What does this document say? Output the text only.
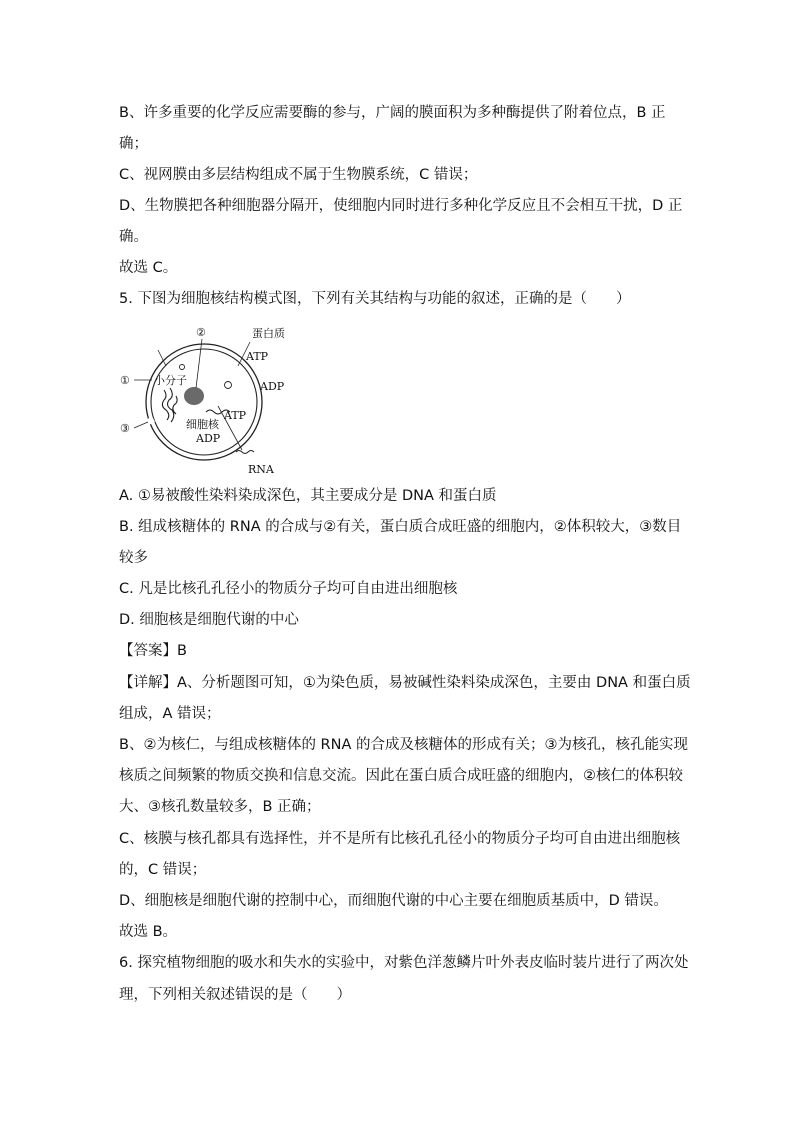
B、许多重要的化学反应需要酶的参与，广阔的膜面积为多种酶提供了附着位点，B 正
确；
C、视网膜由多层结构组成不属于生物膜系统，C 错误；
D、生物膜把各种细胞器分隔开，使细胞内同时进行多种化学反应且不会相互干扰，D 正
确。
故选 C。
5. 下图为细胞核结构模式图，下列有关其结构与功能的叙述，正确的是（　　）
②	蛋白质
ATP
ADP
① 小分子
③
ATP
细胞核
ADP
RNA
A. ①易被酸性染料染成深色，其主要成分是 DNA 和蛋白质
B. 组成核糖体的 RNA 的合成与②有关，蛋白质合成旺盛的细胞内，②体积较大，③数目
较多
C. 凡是比核孔孔径小的物质分子均可自由进出细胞核
D. 细胞核是细胞代谢的中心
【答案】B
【详解】A、分析题图可知，①为染色质，易被碱性染料染成深色，主要由 DNA 和蛋白质
组成，A 错误；
B、②为核仁，与组成核糖体的 RNA 的合成及核糖体的形成有关；③为核孔，核孔能实现
核质之间频繁的物质交换和信息交流。因此在蛋白质合成旺盛的细胞内，②核仁的体积较
大、③核孔数量较多，B 正确；
C、核膜与核孔都具有选择性，并不是所有比核孔孔径小的物质分子均可自由进出细胞核
的，C 错误；
D、细胞核是细胞代谢的控制中心，而细胞代谢的中心主要在细胞质基质中，D 错误。
故选 B。
6. 探究植物细胞的吸水和失水的实验中，对紫色洋葱鳞片叶外表皮临时装片进行了两次处
理，下列相关叙述错误的是（　　）
